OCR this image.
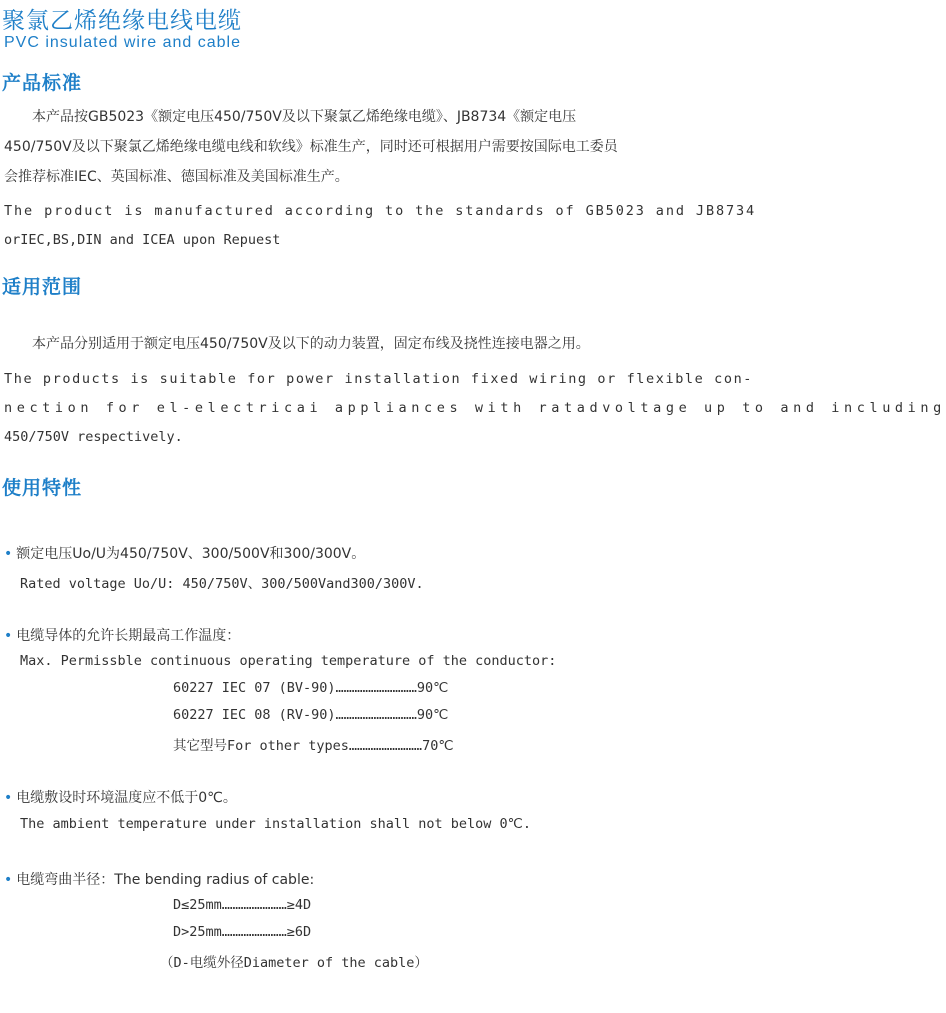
聚氯乙烯绝缘电线电缆
PVC insulated wire and cable
产品标准
　　本产品按GB5023《额定电压450/750V及以下聚氯乙烯绝缘电缆》、JB8734《额定电压
450/750V及以下聚氯乙烯绝缘电缆电线和软线》标准生产，同时还可根据用户需要按国际电工委员
会推荐标准IEC、英国标准、德国标准及美国标准生产。
The product is manufactured according to the standards of GB5023 and JB8734
orIEC,BS,DIN and ICEA upon Repuest
适用范围
　　本产品分别适用于额定电压450/750V及以下的动力装置，固定布线及挠性连接电器之用。
The products is suitable for power installation fixed wiring or flexible con-
nection for el-electricai appliances with ratadvoltage up to and including
450/750V respectively.
使用特性
• 额定电压Uo/U为450/750V、300/500V和300/300V。
Rated voltage Uo/U: 450/750V、300/500Vand300/300V.
• 电缆导体的允许长期最高工作温度：
Max. Permissble continuous operating temperature of the conductor:
60227 IEC 07 (BV-90)…………………………90℃
60227 IEC 08 (RV-90)…………………………90℃
其它型号For other types………………………70℃
• 电缆敷设时环境温度应不低于0℃。
The ambient temperature under installation shall not below 0℃.
• 电缆弯曲半径：The bending radius of cable:
D≤25mm……………………≥4D
D>25mm……………………≥6D
（D-电缆外径Diameter of the cable）
